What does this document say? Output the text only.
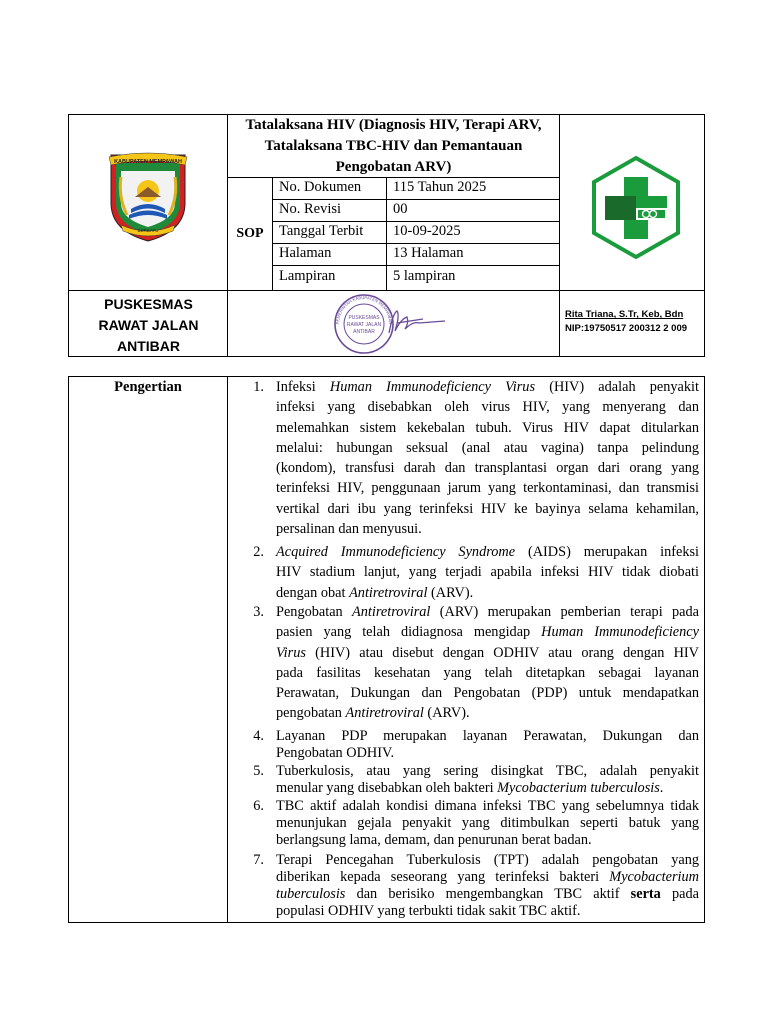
KABUPATEN MEMPAWAH
BERSATU
Tatalaksana HIV (Diagnosis HIV, Terapi ARV,
Tatalaksana TBC-HIV dan Pemantauan
Pengobatan ARV)
SOP
No. Dokumen 115 Tahun 2025
No. Revisi	00
Tanggal Terbit 10-09-2025
Halaman	13 Halaman
Lampiran	5 lampiran
PUSKESMAS
RAWAT JALAN
ANTIBAR
PEMERINTAH KABUPATEN MEMPAWAH
PUSKESMAS
RAWAT JALAN
ANTIBAR
Rita Triana, S.Tr, Keb, Bdn
NIP:19750517 200312 2 009
Pengertian	1. Infeksi Human Immunodeficiency Virus (HIV) adalah penyakit
infeksi yang disebabkan oleh virus HIV, yang menyerang dan
melemahkan sistem kekebalan tubuh. Virus HIV dapat ditularkan
melalui: hubungan seksual (anal atau vagina) tanpa pelindung
(kondom), transfusi darah dan transplantasi organ dari orang yang
terinfeksi HIV, penggunaan jarum yang terkontaminasi, dan transmisi
vertikal dari ibu yang terinfeksi HIV ke bayinya selama kehamilan,
persalinan dan menyusui.
2. Acquired Immunodeficiency Syndrome (AIDS) merupakan infeksi
HIV stadium lanjut, yang terjadi apabila infeksi HIV tidak diobati
dengan obat Antiretroviral (ARV).
3. Pengobatan Antiretroviral (ARV) merupakan pemberian terapi pada
pasien yang telah didiagnosa mengidap Human Immunodeficiency
Virus (HIV) atau disebut dengan ODHIV atau orang dengan HIV
pada fasilitas kesehatan yang telah ditetapkan sebagai layanan
Perawatan, Dukungan dan Pengobatan (PDP) untuk mendapatkan
pengobatan Antiretroviral (ARV).
4. Layanan PDP merupakan layanan Perawatan, Dukungan dan
Pengobatan ODHIV.
5. Tuberkulosis, atau yang sering disingkat TBC, adalah penyakit
menular yang disebabkan oleh bakteri Mycobacterium tuberculosis.
6. TBC aktif adalah kondisi dimana infeksi TBC yang sebelumnya tidak
menunjukan gejala penyakit yang ditimbulkan seperti batuk yang
berlangsung lama, demam, dan penurunan berat badan.
7. Terapi Pencegahan Tuberkulosis (TPT) adalah pengobatan yang
diberikan kepada seseorang yang terinfeksi bakteri Mycobacterium
tuberculosis dan berisiko mengembangkan TBC aktif serta pada
populasi ODHIV yang terbukti tidak sakit TBC aktif.
